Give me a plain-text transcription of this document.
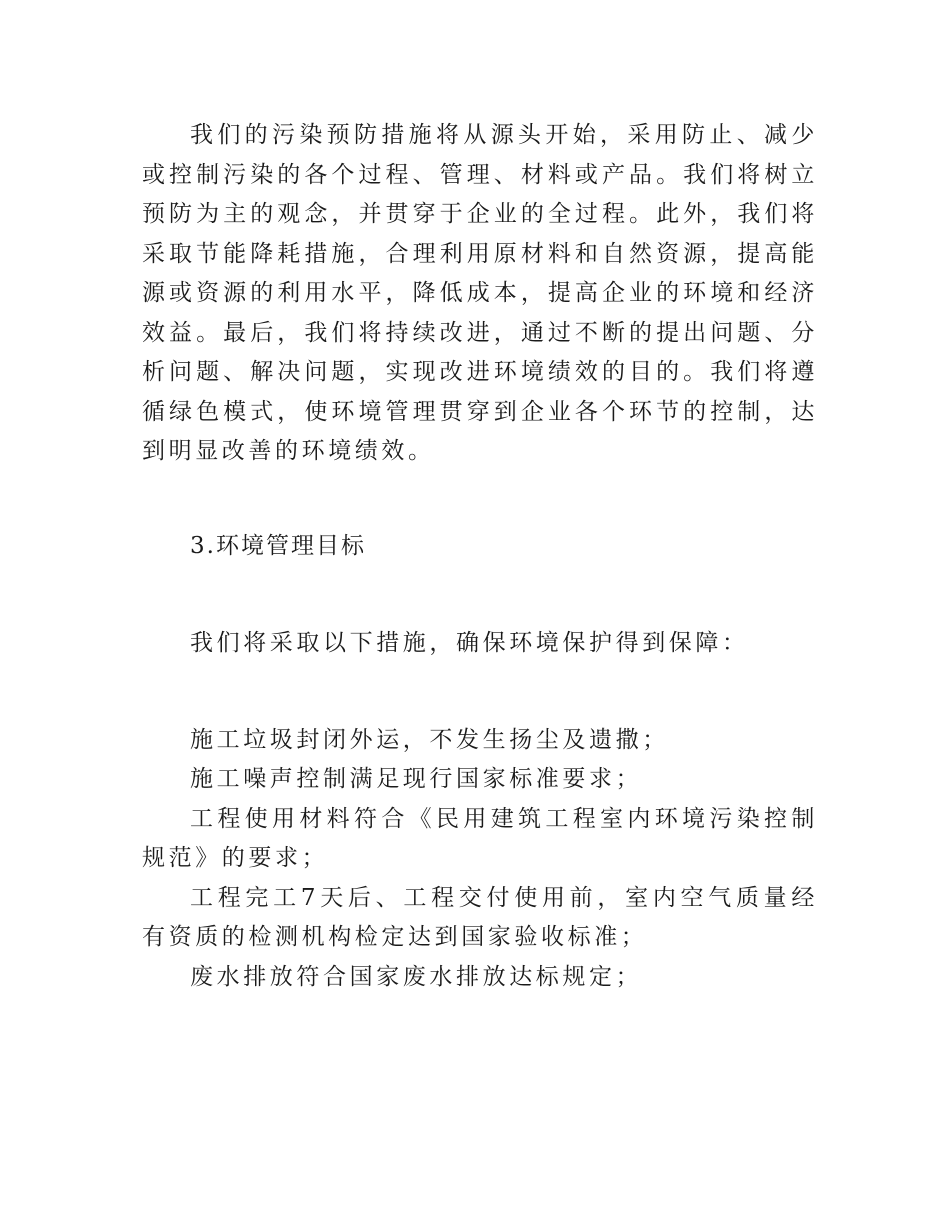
我们的污染预防措施将从源头开始，采用防止、减少或控制污染的各个过程、管理、材料或产品。我们将树立预防为主的观念，并贯穿于企业的全过程。此外，我们将采取节能降耗措施，合理利用原材料和自然资源，提高能源或资源的利用水平，降低成本，提高企业的环境和经济效益。最后，我们将持续改进，通过不断的提出问题、分析问题、解决问题，实现改进环境绩效的目的。我们将遵循绿色模式，使环境管理贯穿到企业各个环节的控制，达到明显改善的环境绩效。

3.环境管理目标

我们将采取以下措施，确保环境保护得到保障：

施工垃圾封闭外运，不发生扬尘及遗撒；

施工噪声控制满足现行国家标准要求；

工程使用材料符合《民用建筑工程室内环境污染控制规范》的要求；

工程完工7天后、工程交付使用前，室内空气质量经有资质的检测机构检定达到国家验收标准；

废水排放符合国家废水排放达标规定；
